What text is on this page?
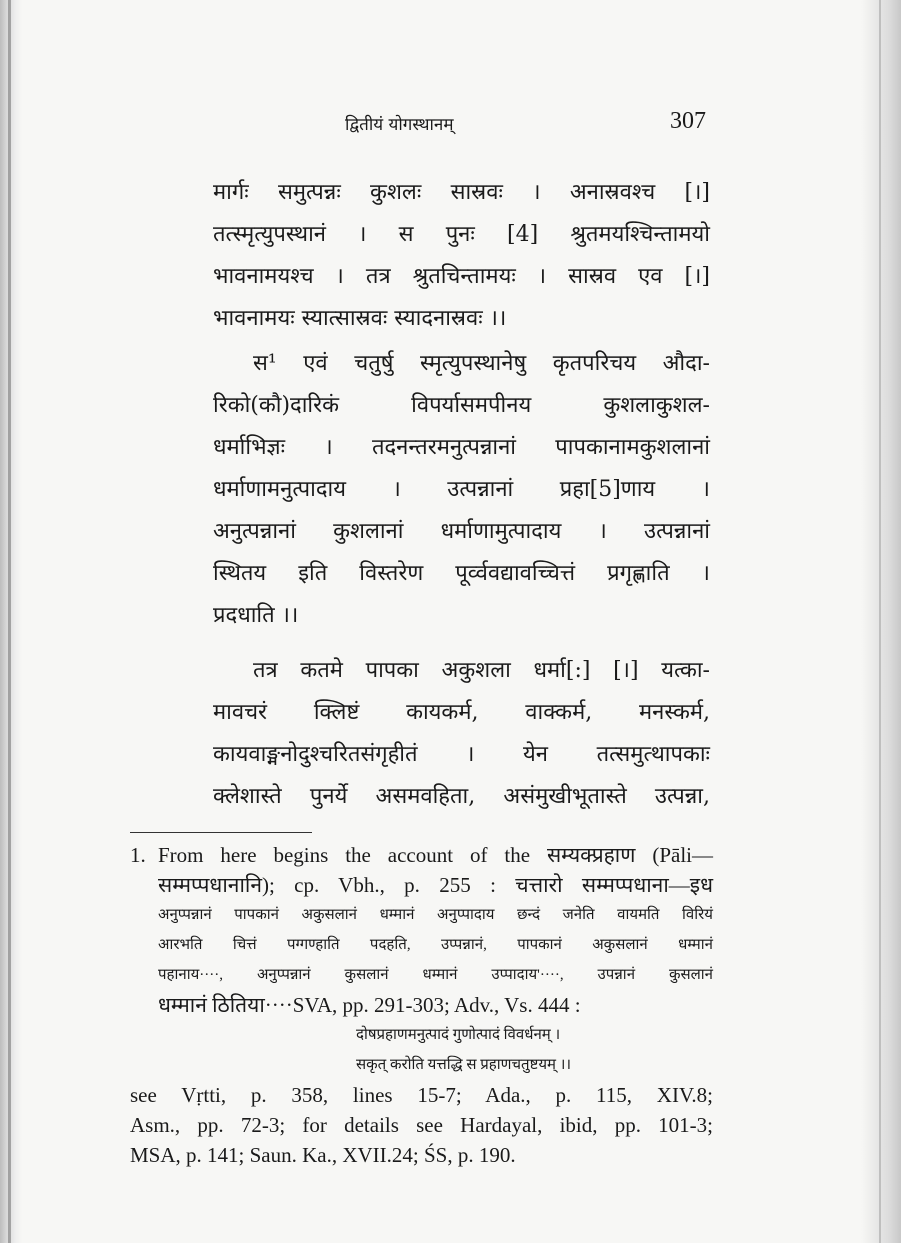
द्वितीयं योगस्थानम्	307
मार्गः समुत्पन्नः कुशलः सास्रवः । अनास्रवश्च [।]
तत्स्मृत्युपस्थानं । स पुनः [4] श्रुतमयश्चिन्तामयो
भावनामयश्च । तत्र श्रुतचिन्तामयः । सास्रव एव [।]
भावनामयः स्यात्सास्रवः स्यादनास्रवः ।।
स¹ एवं चतुर्षु स्मृत्युपस्थानेषु कृतपरिचय औदा-
रिको(कौ)दारिकं विपर्यासमपीनय कुशलाकुशल-
धर्माभिज्ञः । तदनन्तरमनुत्पन्नानां पापकानामकुशलानां
धर्माणामनुत्पादाय । उत्पन्नानां प्रहा[5]णाय ।
अनुत्पन्नानां कुशलानां धर्माणामुत्पादाय । उत्पन्नानां
स्थितय इति विस्तरेण पूर्व्ववद्यावच्चित्तं प्रगृह्णाति ।
प्रदधाति ।।
तत्र कतमे पापका अकुशला धर्मा[:] [।] यत्का-
मावचरं क्लिष्टं कायकर्म, वाक्कर्म, मनस्कर्म,
कायवाङ्मनोदुश्चरितसंगृहीतं । येन तत्समुत्थापकाः
क्लेशास्ते पुनर्ये असमवहिता, असंमुखीभूतास्ते उत्पन्ना,
1. From here begins the account of the सम्यक्प्रहाण (Pāli—
सम्मप्पधानानि); cp. Vbh., p. 255 : चत्तारो सम्मप्पधाना—इध
अनुप्पन्नानं पापकानं अकुसलानं धम्मानं अनुप्पादाय छन्दं जनेति वायमति विरियं
आरभति चित्तं पग्गण्हाति पदहति, उप्पन्नानं, पापकानं अकुसलानं धम्मानं
पहानाय····, अनुप्पन्नानं कुसलानं धम्मानं उप्पादाय'····, उपन्नानं कुसलानं
धम्मानं ठितिया····SVA, pp. 291-303; Adv., Vs. 444 :
दोषप्रहाणमनुत्पादं गुणोत्पादं विवर्धनम् ।
सकृत् करोति यत्तद्धि स प्रहाणचतुष्टयम् ।।
see Vṛtti, p. 358, lines 15-7; Ada., p. 115, XIV.8;
Asm., pp. 72-3; for details see Hardayal, ibid, pp. 101-3;
MSA, p. 141; Saun. Ka., XVII.24; ŚS, p. 190.
